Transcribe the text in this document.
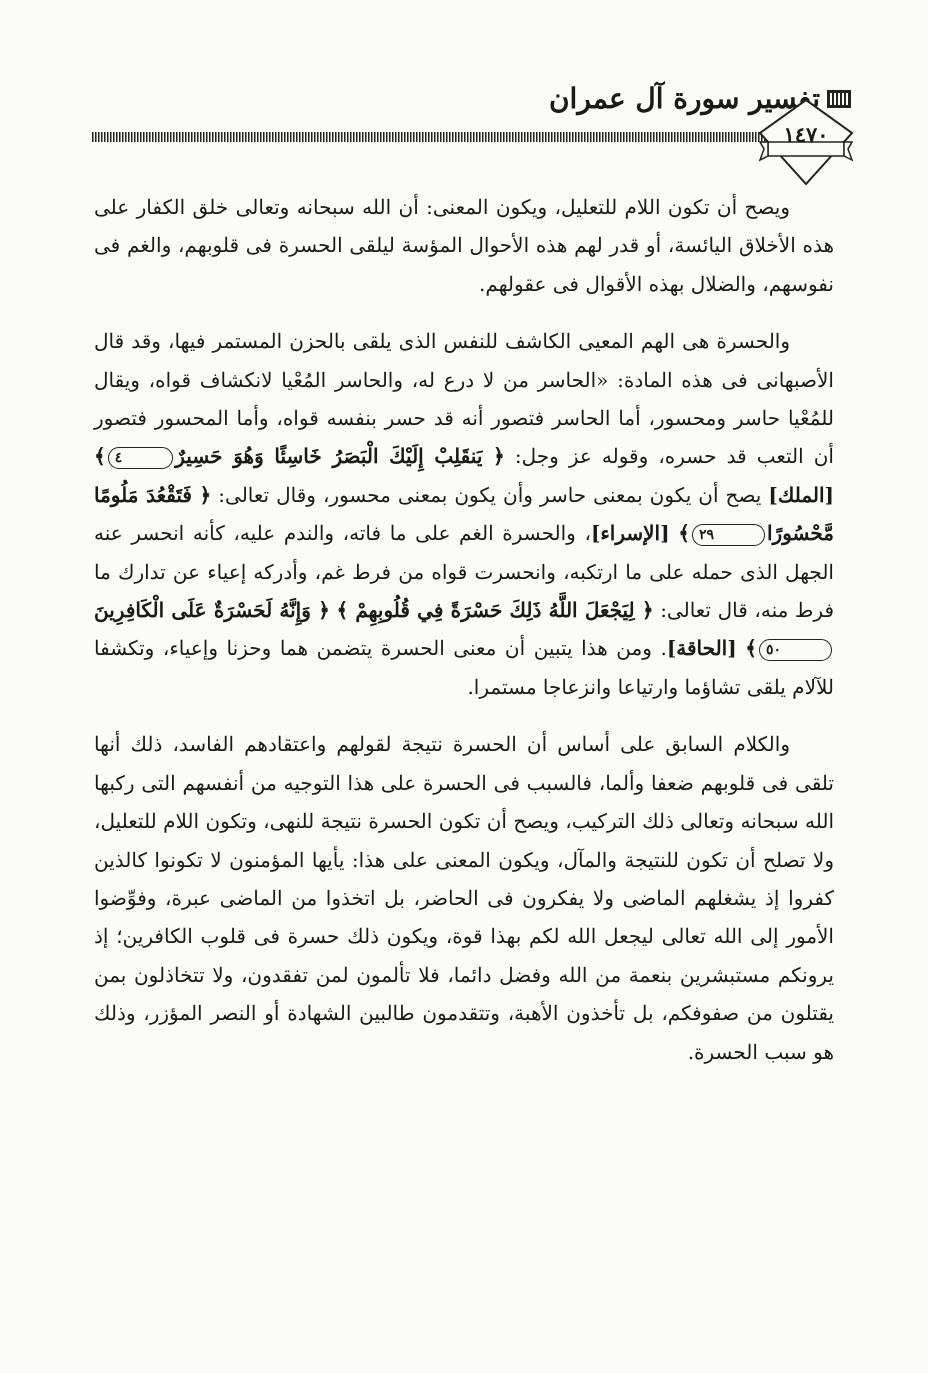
تفسير سورة آل عمران
١٤٧٠

ويصح أن تكون اللام للتعليل، ويكون المعنى: أن الله سبحانه وتعالى خلق الكفار على هذه الأخلاق اليائسة، أو قدر لهم هذه الأحوال المؤسة ليلقى الحسرة فى قلوبهم، والغم فى نفوسهم، والضلال بهذه الأقوال فى عقولهم.

والحسرة هى الهم المعيى الكاشف للنفس الذى يلقى بالحزن المستمر فيها، وقد قال الأصبهانى فى هذه المادة: «الحاسر من لا درع له، والحاسر المُعْيا لانكشاف قواه، ويقال للمُعْيا حاسر ومحسور، أما الحاسر فتصور أنه قد حسر بنفسه قواه، وأما المحسور فتصور أن التعب قد حسره، وقوله عز وجل: ﴿ يَنقَلِبْ إِلَيْكَ الْبَصَرُ خَاسِئًا وَهُوَ حَسِيرٌ٤﴾ [الملك] يصح أن يكون بمعنى حاسر وأن يكون بمعنى محسور، وقال تعالى: ﴿ فَتَقْعُدَ مَلُومًا مَّحْسُورًا٢٩﴾ [الإسراء]، والحسرة الغم على ما فاته، والندم عليه، كأنه انحسر عنه الجهل الذى حمله على ما ارتكبه، وانحسرت قواه من فرط غم، وأدركه إعياء عن تدارك ما فرط منه، قال تعالى: ﴿ لِيَجْعَلَ اللَّهُ ذَلِكَ حَسْرَةً فِي قُلُوبِهِمْ ﴾ ﴿ وَإِنَّهُ لَحَسْرَةٌ عَلَى الْكَافِرِينَ٥٠﴾ [الحاقة]. ومن هذا يتبين أن معنى الحسرة يتضمن هما وحزنا وإعياء، وتكشفا للآلام يلقى تشاؤما وارتياعا وانزعاجا مستمرا.

والكلام السابق على أساس أن الحسرة نتيجة لقولهم واعتقادهم الفاسد، ذلك أنها تلقى فى قلوبهم ضعفا وألما، فالسبب فى الحسرة على هذا التوجيه من أنفسهم التى ركبها الله سبحانه وتعالى ذلك التركيب، ويصح أن تكون الحسرة نتيجة للنهى، وتكون اللام للتعليل، ولا تصلح أن تكون للنتيجة والمآل، ويكون المعنى على هذا: يأيها المؤمنون لا تكونوا كالذين كفروا إذ يشغلهم الماضى ولا يفكرون فى الحاضر، بل اتخذوا من الماضى عبرة، وفوِّضوا الأمور إلى الله تعالى ليجعل الله لكم بهذا قوة، ويكون ذلك حسرة فى قلوب الكافرين؛ إذ يرونكم مستبشرين بنعمة من الله وفضل دائما، فلا تألمون لمن تفقدون، ولا تتخاذلون بمن يقتلون من صفوفكم، بل تأخذون الأهبة، وتتقدمون طالبين الشهادة أو النصر المؤزر، وذلك هو سبب الحسرة.
